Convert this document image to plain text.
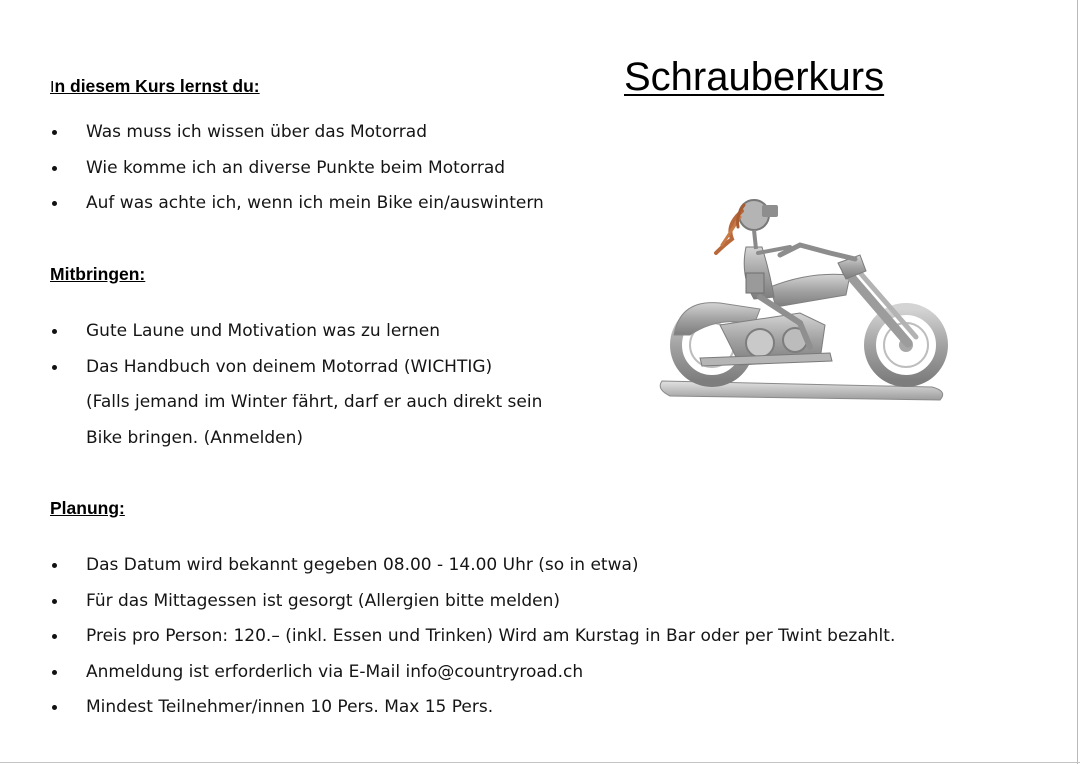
Schrauberkurs
In diesem Kurs lernst du:
Was muss ich wissen über das Motorrad
Wie komme ich an diverse Punkte beim Motorrad
Auf was achte ich, wenn ich mein Bike ein/auswintern
Mitbringen:
Gute Laune und Motivation was zu lernen
Das Handbuch von deinem Motorrad (WICHTIG)
(Falls jemand im Winter fährt, darf er auch direkt sein
Bike bringen. (Anmelden)
Planung:
Das Datum wird bekannt gegeben 08.00 - 14.00 Uhr (so in etwa)
Für das Mittagessen ist gesorgt (Allergien bitte melden)
Preis pro Person: 120.– (inkl. Essen und Trinken) Wird am Kurstag in Bar oder per Twint bezahlt.
Anmeldung ist erforderlich via E-Mail info@countryroad.ch
Mindest Teilnehmer/innen 10 Pers. Max 15 Pers.
